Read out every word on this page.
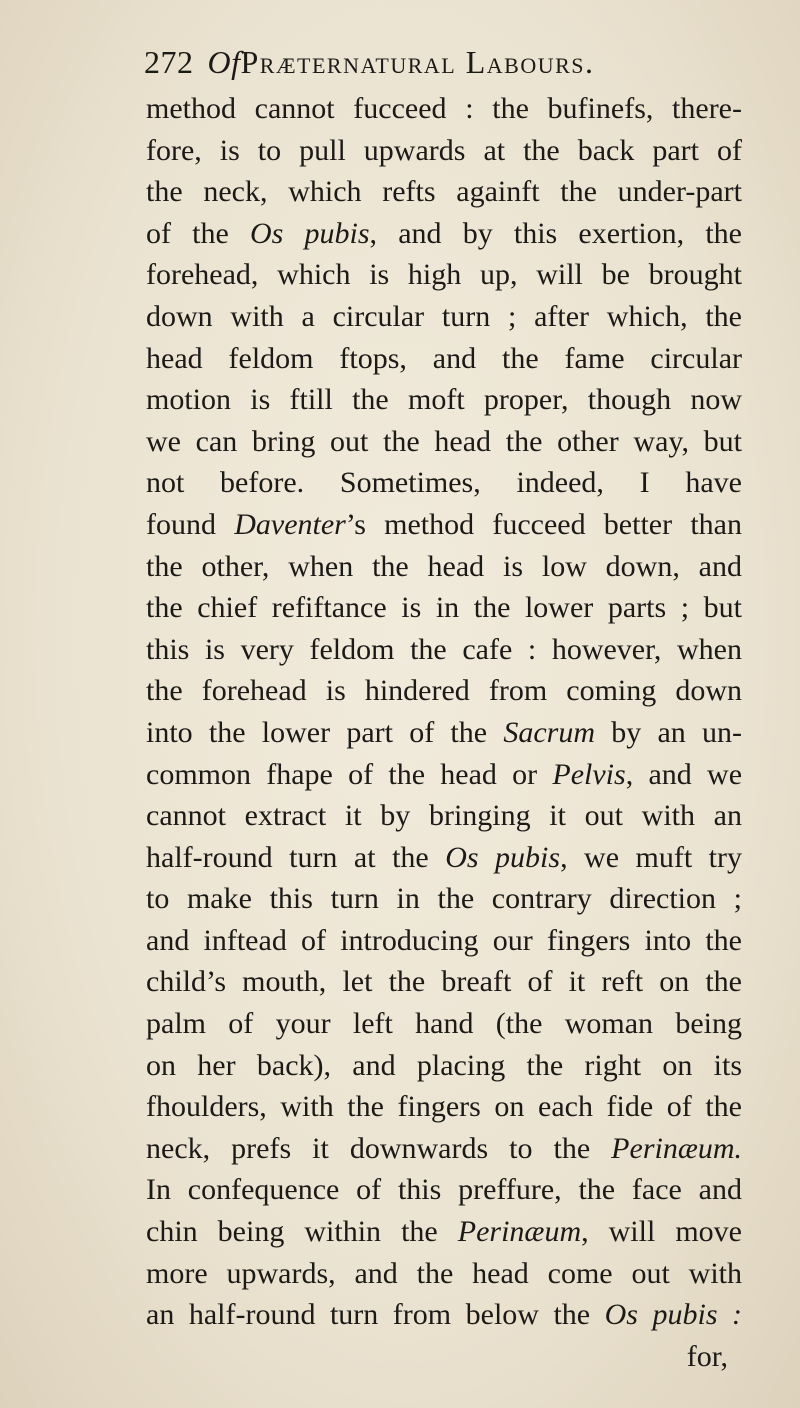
272 OfPræternatural Labours.
method cannot fucceed : the bufinefs, there-
fore, is to pull upwards at the back part of
the neck, which refts againft the under-part
of the Os pubis, and by this exertion, the
forehead, which is high up, will be brought
down with a circular turn ; after which, the
head feldom ftops, and the fame circular
motion is ftill the moft proper, though now
we can bring out the head the other way, but
not before. Sometimes, indeed, I have
found Daventer’s method fucceed better than
the other, when the head is low down, and
the chief refiftance is in the lower parts ; but
this is very feldom the cafe : however, when
the forehead is hindered from coming down
into the lower part of the Sacrum by an un-
common fhape of the head or Pelvis, and we
cannot extract it by bringing it out with an
half-round turn at the Os pubis, we muft try
to make this turn in the contrary direction ;
and inftead of introducing our fingers into the
child’s mouth, let the breaft of it reft on the
palm of your left hand (the woman being
on her back), and placing the right on its
fhoulders, with the fingers on each fide of the
neck, prefs it downwards to the Perinæum.
In confequence of this preffure, the face and
chin being within the Perinæum, will move
more upwards, and the head come out with
an half-round turn from below the Os pubis :
for,
